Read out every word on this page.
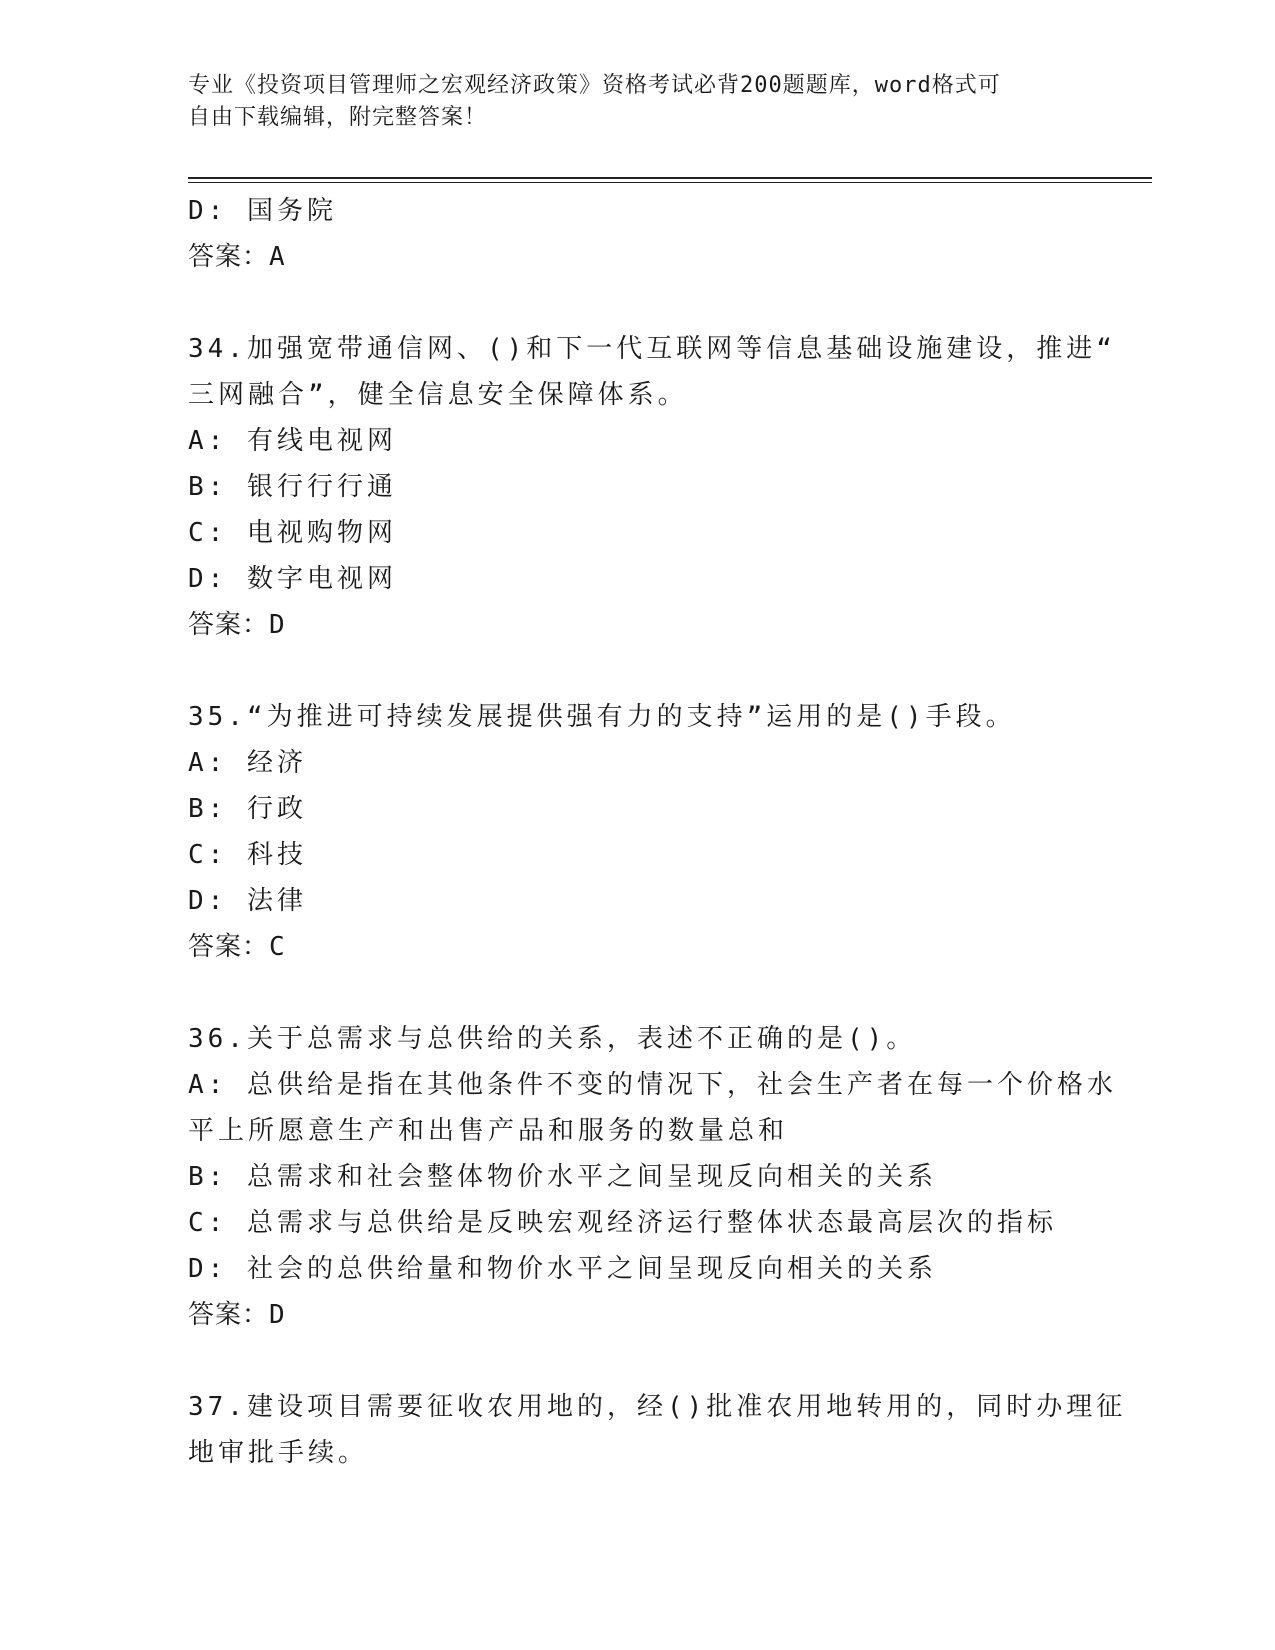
专业《投资项目管理师之宏观经济政策》资格考试必背200题题库，word格式可
自由下载编辑，附完整答案！
D: 国务院
答案：A
34.加强宽带通信网、()和下一代互联网等信息基础设施建设，推进“
三网融合”，健全信息安全保障体系。
A: 有线电视网
B: 银行行行通
C: 电视购物网
D: 数字电视网
答案：D
35.“为推进可持续发展提供强有力的支持”运用的是()手段。
A: 经济
B: 行政
C: 科技
D: 法律
答案：C
36.关于总需求与总供给的关系，表述不正确的是()。
A: 总供给是指在其他条件不变的情况下，社会生产者在每一个价格水
平上所愿意生产和出售产品和服务的数量总和
B: 总需求和社会整体物价水平之间呈现反向相关的关系
C: 总需求与总供给是反映宏观经济运行整体状态最高层次的指标
D: 社会的总供给量和物价水平之间呈现反向相关的关系
答案：D
37.建设项目需要征收农用地的，经()批准农用地转用的，同时办理征
地审批手续。
